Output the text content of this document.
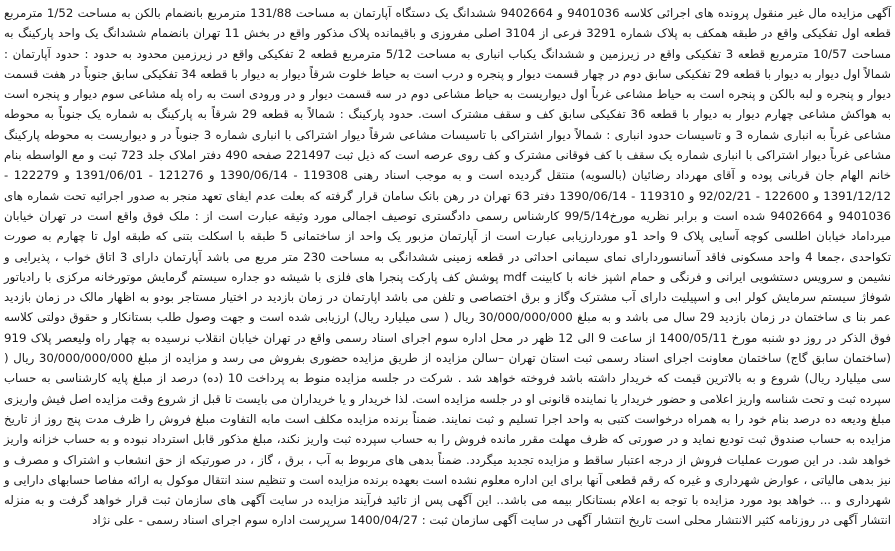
آگهی مزایده مال غیر منقول پرونده های اجرائی کلاسه 9401036 و 9402664 ششدانگ یک دستگاه آپارتمان به مساحت 131/88 مترمربع بانضمام بالکن به مساحت 1/52 مترمربع قطعه اول تفکیکی واقع در طبقه همکف به پلاک شماره 3291 فرعی از 3104 اصلی مفروزی و باقیمانده پلاک مذکور واقع در بخش 11 تهران بانضمام ششدانگ یک واحد پارکینگ به مساحت 10/57 مترمربع قطعه 3 تفکیکی واقع در زیرزمین و ششدانگ یکباب انباری به مساحت 5/12 مترمربع قطعه 2 تفکیکی واقع در زیرزمین محدود به حدود : حدود آپارتمان : شمالاً اول دیوار به دیوار با قطعه 29 تفکیکی سابق دوم در چهار قسمت دیوار و پنجره و درب است به حیاط خلوت شرقاً دیوار به دیوار با قطعه 34 تفکیکی سابق جنوباً در هفت قسمت دیوار و پنجره و لبه بالکن و پنجره است به حیاط مشاعی غرباً اول دیواریست به حیاط مشاعی دوم در سه قسمت دیوار و در ورودی است به راه پله مشاعی سوم دیوار و پنجره است به هواکش مشاعی چهارم دیوار به دیوار با قطعه 36 تفکیکی سابق کف و سقف مشترک است. حدود پارکینگ : شمالاً به قطعه 29 شرقاً به پارکینگ به شماره یک جنوباً به محوطه مشاعی غرباً به انباری شماره 3 و تاسیسات حدود انباری : شمالاً دیوار اشتراکی با تاسیسات مشاعی شرقاً دیوار اشتراکی با انباری شماره 3 جنوباً در و دیواریست به محوطه پارکینگ مشاعی غرباً دیوار اشتراکی با انباری شماره یک سقف با کف فوقانی مشترک و کف روی عرصه است که ذیل ثبت 221497 صفحه 490 دفتر املاک جلد 723 ثبت و مع الواسطه بنام خانم الهام جان قربانی پوده و آقای مهرداد رضائیان (بالسویه) منتقل گردیده است و به موجب اسناد رهنی 119308 - 1390/06/14 و 121276 - 1391/06/01 و 122279 - 1391/12/12 و 122600 - 92/02/21 و 119310 - 1390/06/14 دفتر 63 تهران در رهن بانک سامان قرار گرفته که بعلت عدم ایفای تعهد منجر به صدور اجرائیه تحت شماره های 9401036 و 9402664 شده است و برابر نظریه مورخ99/5/14 کارشناس رسمی دادگستری توصیف اجمالی مورد وثیقه عبارت است از : ملک فوق واقع است در تهران خیابان میرداماد خیابان اطلسی کوچه آسایی پلاک 9 واحد 1و موردارزیابی عبارت است از آپارتمان مزبور یک واحد از ساختمانی 5 طبقه با اسکلت بتنی که طبقه اول تا چهارم به صورت تکواحدی ،جمعا 4 واحد مسکونی فاقد آسانسوردارای نمای سیمانی احداثی در قطعه زمینی ششدانگی به مساحت 230 متر مربع می باشد آپارتمان دارای 3 اتاق خواب ، پذیرایی و نشیمن و سرویس دستشویی ایرانی و فرنگی و حمام اشپز خانه با کابینت mdf پوشش کف پارکت پنجرا های فلزی با شیشه دو جداره سیستم گرمایش موتورخانه مرکزی با رادیاتور شوفاژ سیستم سرمایش کولر ابی و اسپیلیت دارای آب مشترک وگاز و برق اختصاصی و تلفن می باشد اپارتمان در زمان بازدید در اختیار مستاجر بودو به اظهار مالک در زمان بازدید عمر بنا ی ساختمان در زمان بازدید 29 سال می باشد و به مبلغ 30/000/000/000 ریال ( سی میلیارد ریال) ارزیابی شده است و جهت وصول طلب بستانکار و حقوق دولتی کلاسه فوق الذکر در روز دو شنبه مورخ 1400/05/11 از ساعت 9 الی 12 ظهر در محل اداره سوم اجرای اسناد رسمی واقع در تهران خیابان انقلاب نرسیده به چهار راه ولیعصر پلاک 919 (ساختمان سابق گاج) ساختمان معاونت اجرای اسناد رسمی ثبت استان تهران –سالن مزایده از طریق مزایده حضوری بفروش می رسد و مزایده از مبلغ 30/000/000/000 ریال ( سی میلیارد ریال) شروع و به بالاترین قیمت که خریدار داشته باشد فروخته خواهد شد . شرکت در جلسه مزایده منوط به پرداخت 10 (ده) درصد از مبلغ پایه کارشناسی به حساب سپرده ثبت و تحت شناسه واریز اعلامی و حضور خریدار یا نماینده قانونی او در جلسه مزایده است. لذا خریدار و یا خریداران می بایست تا قبل از شروع وقت مزایده اصل فیش واریزی مبلغ ودیعه ده درصد بنام خود را به همراه درخواست کتبی به واحد اجرا تسلیم و ثبت نمایند. ضمناً برنده مزایده مکلف است مابه التفاوت مبلغ فروش را ظرف مدت پنج روز از تاریخ مزایده به حساب صندوق ثبت تودیع نماید و در صورتی که ظرف مهلت مقرر مانده فروش را به حساب سپرده ثبت واریز نکند، مبلغ مذکور قابل استرداد نبوده و به حساب خزانه واریز خواهد شد. در این صورت عملیات فروش از درجه اعتبار ساقط و مزایده تجدید میگردد. ضمناً بدهی های مربوط به آب ، برق ، گاز ، در صورتیکه از حق انشعاب و اشتراک و مصرف و نیز بدهی مالیاتی ، عوارض شهرداری و غیره که رقم قطعی آنها برای این اداره معلوم نشده است بعهده برنده مزایده است و تنظیم سند انتقال موکول به ارائه مفاصا حسابهای دارایی و شهرداری و ... خواهد بود مورد مزایده با توجه به اعلام بستانکار بیمه می باشد.. این آگهی پس از تائید فرآیند مزایده در سایت آگهی های سازمان ثبت قرار خواهد گرفت و به منزله انتشار آگهی در روزنامه کثیر الانتشار محلی است تاریخ انتشار آگهی در سایت آگهی سازمان ثبت : 1400/04/27 سرپرست اداره سوم اجرای اسناد رسمی - علی نژاد
